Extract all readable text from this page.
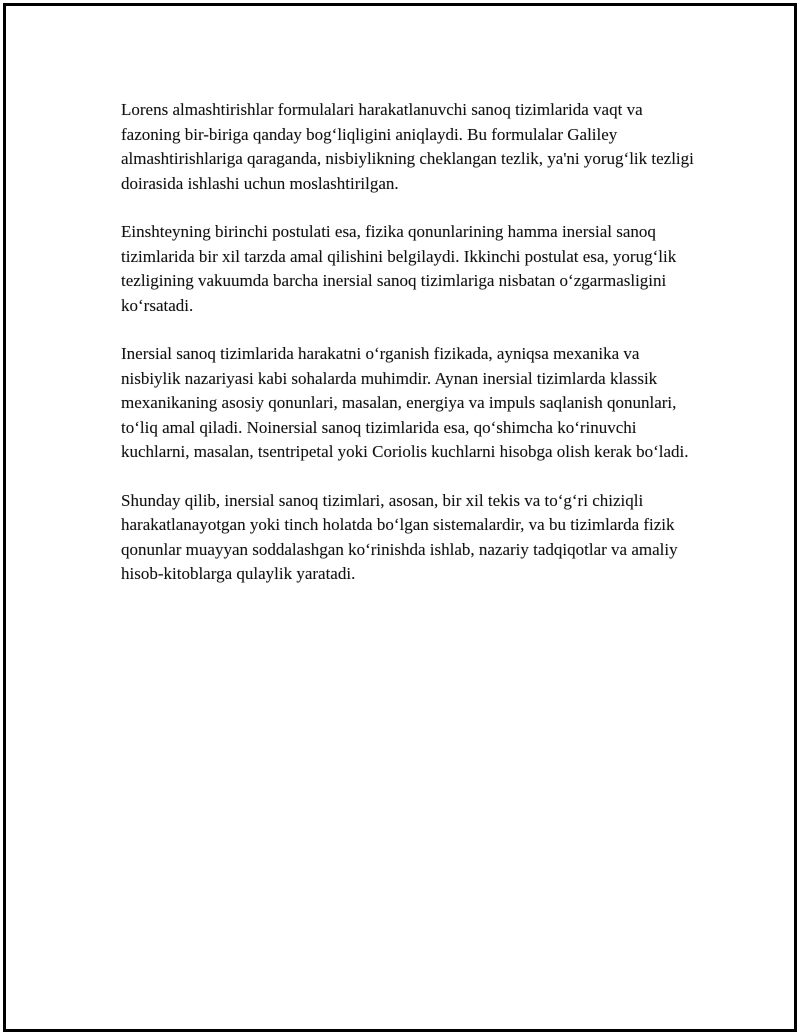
Lorens almashtirishlar formulalari harakatlanuvchi sanoq tizimlarida vaqt va fazoning bir-biriga qanday bog‘liqligini aniqlaydi. Bu formulalar Galiley almashtirishlariga qaraganda, nisbiylikning cheklangan tezlik, ya'ni yorug‘lik tezligi doirasida ishlashi uchun moslashtirilgan.

Einshteyning birinchi postulati esa, fizika qonunlarining hamma inersial sanoq tizimlarida bir xil tarzda amal qilishini belgilaydi. Ikkinchi postulat esa, yorug‘lik tezligining vakuumda barcha inersial sanoq tizimlariga nisbatan o‘zgarmasligini ko‘rsatadi.

Inersial sanoq tizimlarida harakatni o‘rganish fizikada, ayniqsa mexanika va nisbiylik nazariyasi kabi sohalarda muhimdir. Aynan inersial tizimlarda klassik mexanikaning asosiy qonunlari, masalan, energiya va impuls saqlanish qonunlari, to‘liq amal qiladi. Noinersial sanoq tizimlarida esa, qo‘shimcha ko‘rinuvchi kuchlarni, masalan, tsentripetal yoki Coriolis kuchlarni hisobga olish kerak bo‘ladi.

Shunday qilib, inersial sanoq tizimlari, asosan, bir xil tekis va to‘g‘ri chiziqli harakatlanayotgan yoki tinch holatda bo‘lgan sistemalardir, va bu tizimlarda fizik qonunlar muayyan soddalashgan ko‘rinishda ishlab, nazariy tadqiqotlar va amaliy hisob-kitoblarga qulaylik yaratadi.
